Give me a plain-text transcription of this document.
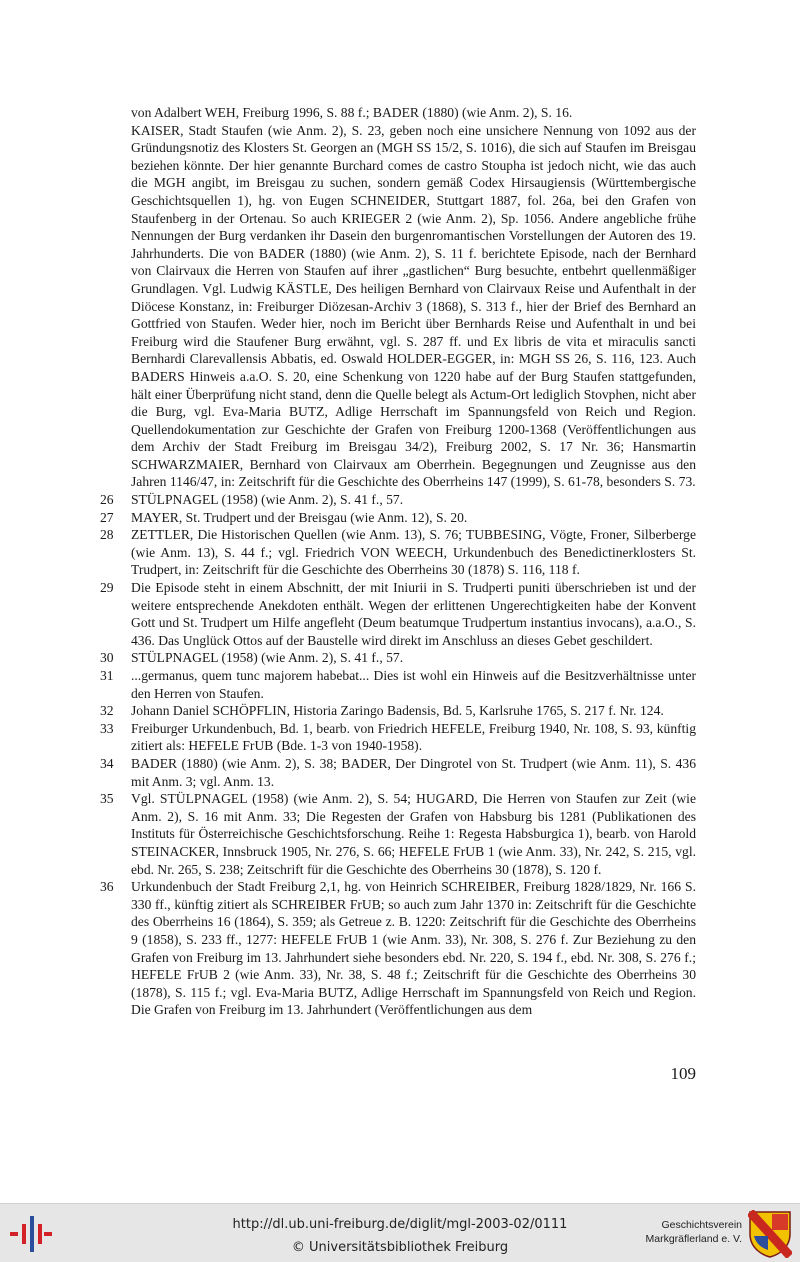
von Adalbert WEH, Freiburg 1996, S. 88 f.; BADER (1880) (wie Anm. 2), S. 16.

KAISER, Stadt Staufen (wie Anm. 2), S. 23, geben noch eine unsichere Nennung von 1092 aus der Gründungsnotiz des Klosters St. Georgen an (MGH SS 15/2, S. 1016), die sich auf Staufen im Breisgau beziehen könnte. Der hier genannte Burchard comes de castro Stoupha ist jedoch nicht, wie das auch die MGH angibt, im Breisgau zu suchen, sondern gemäß Codex Hirsaugiensis (Württembergische Geschichtsquellen 1), hg. von Eugen SCHNEIDER, Stuttgart 1887, fol. 26a, bei den Grafen von Staufenberg in der Ortenau. So auch KRIEGER 2 (wie Anm. 2), Sp. 1056. Andere angebliche frühe Nennungen der Burg verdanken ihr Dasein den burgenromantischen Vorstellungen der Autoren des 19. Jahrhunderts. Die von BADER (1880) (wie Anm. 2), S. 11 f. berichtete Episode, nach der Bernhard von Clairvaux die Herren von Staufen auf ihrer „gastlichen“ Burg besuchte, entbehrt quellenmäßiger Grundlagen. Vgl. Ludwig KÄSTLE, Des heiligen Bernhard von Clairvaux Reise und Aufenthalt in der Diöcese Konstanz, in: Freiburger Diözesan-Archiv 3 (1868), S. 313 f., hier der Brief des Bernhard an Gottfried von Staufen. Weder hier, noch im Bericht über Bernhards Reise und Aufenthalt in und bei Freiburg wird die Staufener Burg erwähnt, vgl. S. 287 ff. und Ex libris de vita et miraculis sancti Bernhardi Clarevallensis Abbatis, ed. Oswald HOLDER-EGGER, in: MGH SS 26, S. 116, 123. Auch BADERS Hinweis a.a.O. S. 20, eine Schenkung von 1220 habe auf der Burg Staufen stattgefunden, hält einer Überprüfung nicht stand, denn die Quelle belegt als Actum-Ort lediglich Stovphen, nicht aber die Burg, vgl. Eva-Maria BUTZ, Adlige Herrschaft im Spannungsfeld von Reich und Region. Quellendokumentation zur Geschichte der Grafen von Freiburg 1200-1368 (Veröffentlichungen aus dem Archiv der Stadt Freiburg im Breisgau 34/2), Freiburg 2002, S. 17 Nr. 36; Hansmartin SCHWARZMAIER, Bernhard von Clairvaux am Oberrhein. Begegnungen und Zeugnisse aus den Jahren 1146/47, in: Zeitschrift für die Geschichte des Oberrheins 147 (1999), S. 61-78, besonders S. 73.

26	STÜLPNAGEL (1958) (wie Anm. 2), S. 41 f., 57.
27	MAYER, St. Trudpert und der Breisgau (wie Anm. 12), S. 20.
28	ZETTLER, Die Historischen Quellen (wie Anm. 13), S. 76; TUBBESING, Vögte, Froner, Silberberge (wie Anm. 13), S. 44 f.; vgl. Friedrich VON WEECH, Urkundenbuch des Benedictinerklosters St. Trudpert, in: Zeitschrift für die Geschichte des Oberrheins 30 (1878) S. 116, 118 f.
29	Die Episode steht in einem Abschnitt, der mit Iniurii in S. Trudperti puniti überschrieben ist und der weitere entsprechende Anekdoten enthält. Wegen der erlittenen Ungerechtigkeiten habe der Konvent Gott und St. Trudpert um Hilfe angefleht (Deum beatumque Trudpertum instantius invocans), a.a.O., S. 436. Das Unglück Ottos auf der Baustelle wird direkt im Anschluss an dieses Gebet geschildert.
30	STÜLPNAGEL (1958) (wie Anm. 2), S. 41 f., 57.
31	...germanus, quem tunc majorem habebat... Dies ist wohl ein Hinweis auf die Besitzverhältnisse unter den Herren von Staufen.
32	Johann Daniel SCHÖPFLIN, Historia Zaringo Badensis, Bd. 5, Karlsruhe 1765, S. 217 f. Nr. 124.
33	Freiburger Urkundenbuch, Bd. 1, bearb. von Friedrich HEFELE, Freiburg 1940, Nr. 108, S. 93, künftig zitiert als: HEFELE FrUB (Bde. 1-3 von 1940-1958).
34	BADER (1880) (wie Anm. 2), S. 38; BADER, Der Dingrotel von St. Trudpert (wie Anm. 11), S. 436 mit Anm. 3; vgl. Anm. 13.
35	Vgl. STÜLPNAGEL (1958) (wie Anm. 2), S. 54; HUGARD, Die Herren von Staufen zur Zeit (wie Anm. 2), S. 16 mit Anm. 33; Die Regesten der Grafen von Habsburg bis 1281 (Publikationen des Instituts für Österreichische Geschichtsforschung. Reihe 1: Regesta Habsburgica 1), bearb. von Harold STEINACKER, Innsbruck 1905, Nr. 276, S. 66; HEFELE FrUB 1 (wie Anm. 33), Nr. 242, S. 215, vgl. ebd. Nr. 265, S. 238; Zeitschrift für die Geschichte des Oberrheins 30 (1878), S. 120 f.
36	Urkundenbuch der Stadt Freiburg 2,1, hg. von Heinrich SCHREIBER, Freiburg 1828/1829, Nr. 166 S. 330 ff., künftig zitiert als SCHREIBER FrUB; so auch zum Jahr 1370 in: Zeitschrift für die Geschichte des Oberrheins 16 (1864), S. 359; als Getreue z. B. 1220: Zeitschrift für die Geschichte des Oberrheins 9 (1858), S. 233 ff., 1277: HEFELE FrUB 1 (wie Anm. 33), Nr. 308, S. 276 f. Zur Beziehung zu den Grafen von Freiburg im 13. Jahrhundert siehe besonders ebd. Nr. 220, S. 194 f., ebd. Nr. 308, S. 276 f.; HEFELE FrUB 2 (wie Anm. 33), Nr. 38, S. 48 f.; Zeitschrift für die Geschichte des Oberrheins 30 (1878), S. 115 f.; vgl. Eva-Maria BUTZ, Adlige Herrschaft im Spannungsfeld von Reich und Region. Die Grafen von Freiburg im 13. Jahrhundert (Veröffentlichungen aus dem
109
http://dl.ub.uni-freiburg.de/diglit/mgl-2003-02/0111
© Universitätsbibliothek Freiburg
Geschichtsverein
Markgräflerland e. V.
